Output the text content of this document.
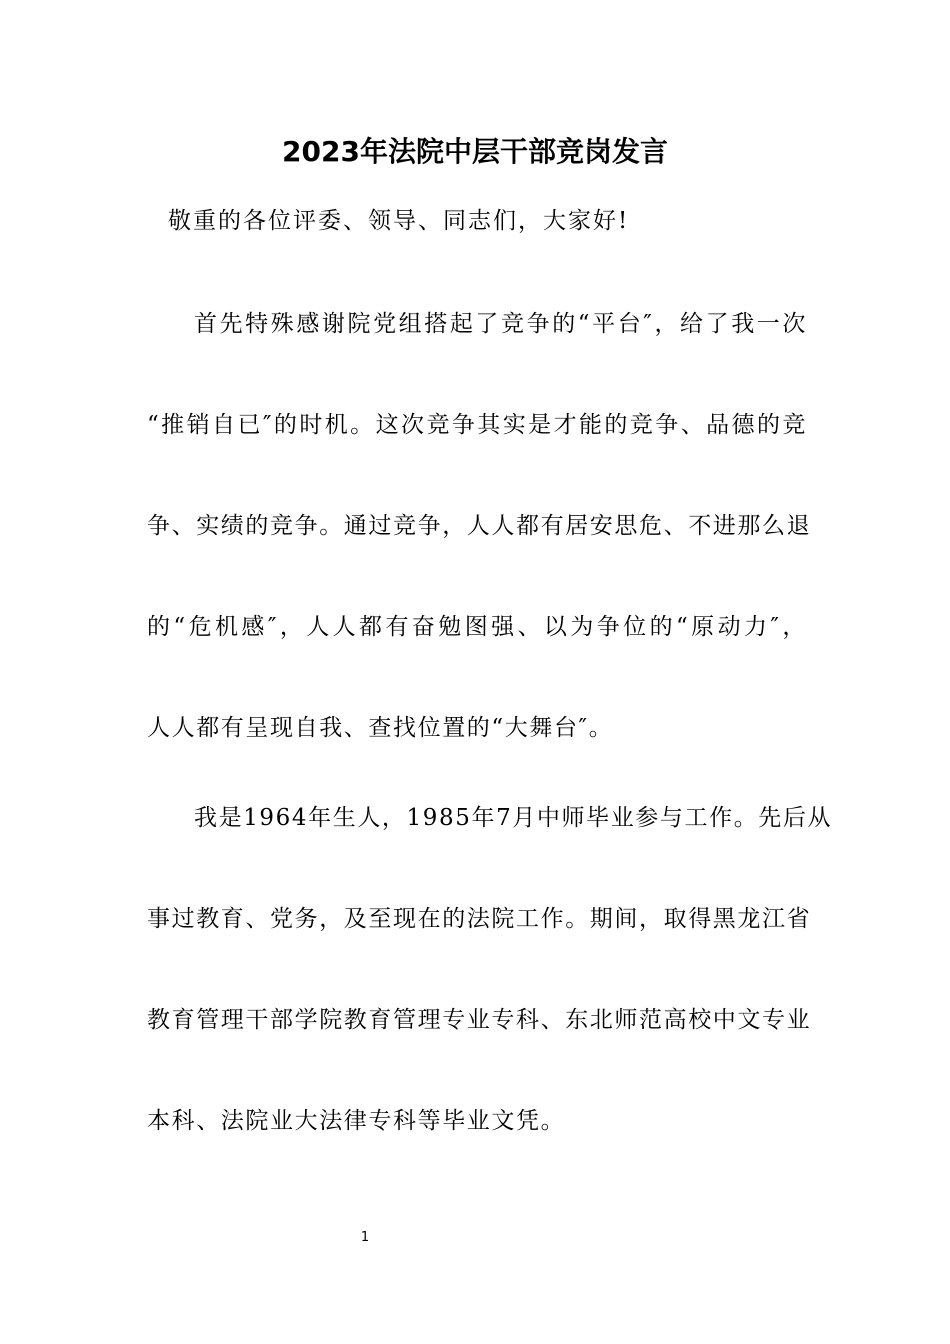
2023年法院中层干部竞岗发言
敬重的各位评委、领导、同志们，大家好!
首先特殊感谢院党组搭起了竞争的“平台″，给了我一次
“推销自已″的时机。这次竞争其实是才能的竞争、品德的竞
争、实绩的竞争。通过竞争，人人都有居安思危、不进那么退
的“危机感″，人人都有奋勉图强、以为争位的“原动力″，
人人都有呈现自我、查找位置的“大舞台″。
我是1964年生人，1985年7月中师毕业参与工作。先后从
事过教育、党务，及至现在的法院工作。期间，取得黑龙江省
教育管理干部学院教育管理专业专科、东北师范高校中文专业
本科、法院业大法律专科等毕业文凭。
1
